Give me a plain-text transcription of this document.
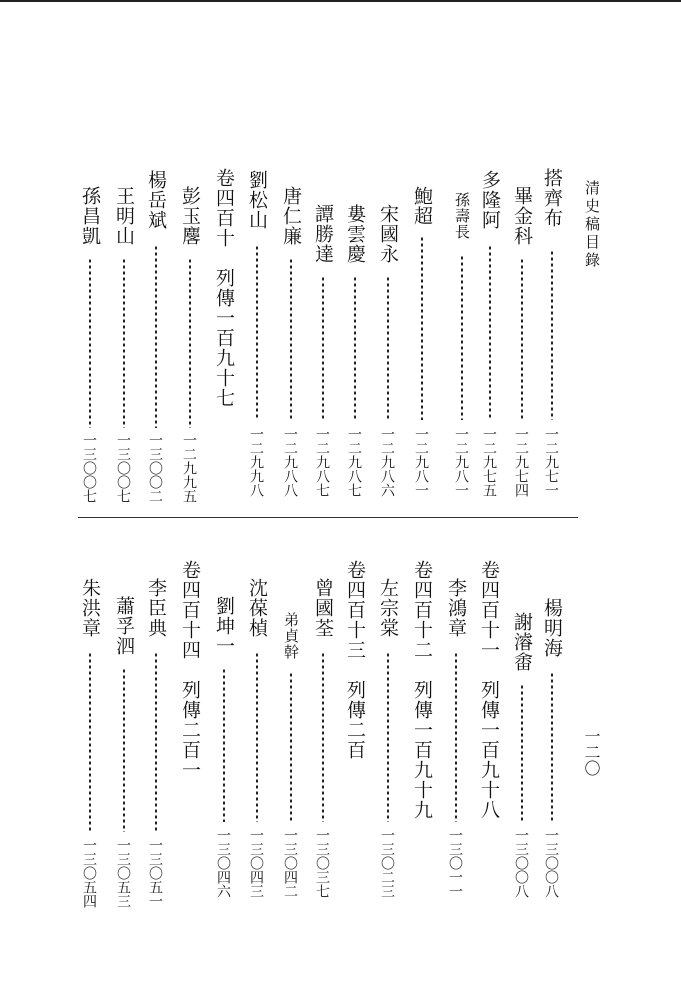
清史稿目錄
一二〇
搭齊布
一二九七一
畢金科
一二九七四
多隆阿
一二九七五
孫壽長
一二九八一
鮑超
一二九八一
宋國永
一二九八六
婁雲慶
一二九八七
譚勝達
一二九八七
唐仁廉
一二九八八
劉松山
一二九九八
卷四百十　列傳一百九十七
彭玉麐
一二九九五
楊岳斌
一三〇〇二
王明山
一三〇〇七
孫昌凱
一三〇〇七
楊明海
一三〇〇八
謝濬畬
一三〇〇八
卷四百十一　列傳一百九十八
李鴻章
一三〇一一
卷四百十二　列傳一百九十九
左宗棠
一三〇二三
卷四百十三　列傳二百
曾國荃
一三〇三七
弟貞幹
一三〇四二
沈葆楨
一三〇四三
劉坤一
一三〇四六
卷四百十四　列傳二百一
李臣典
一三〇五一
蕭孚泗
一三〇五三
朱洪章
一三〇五四
